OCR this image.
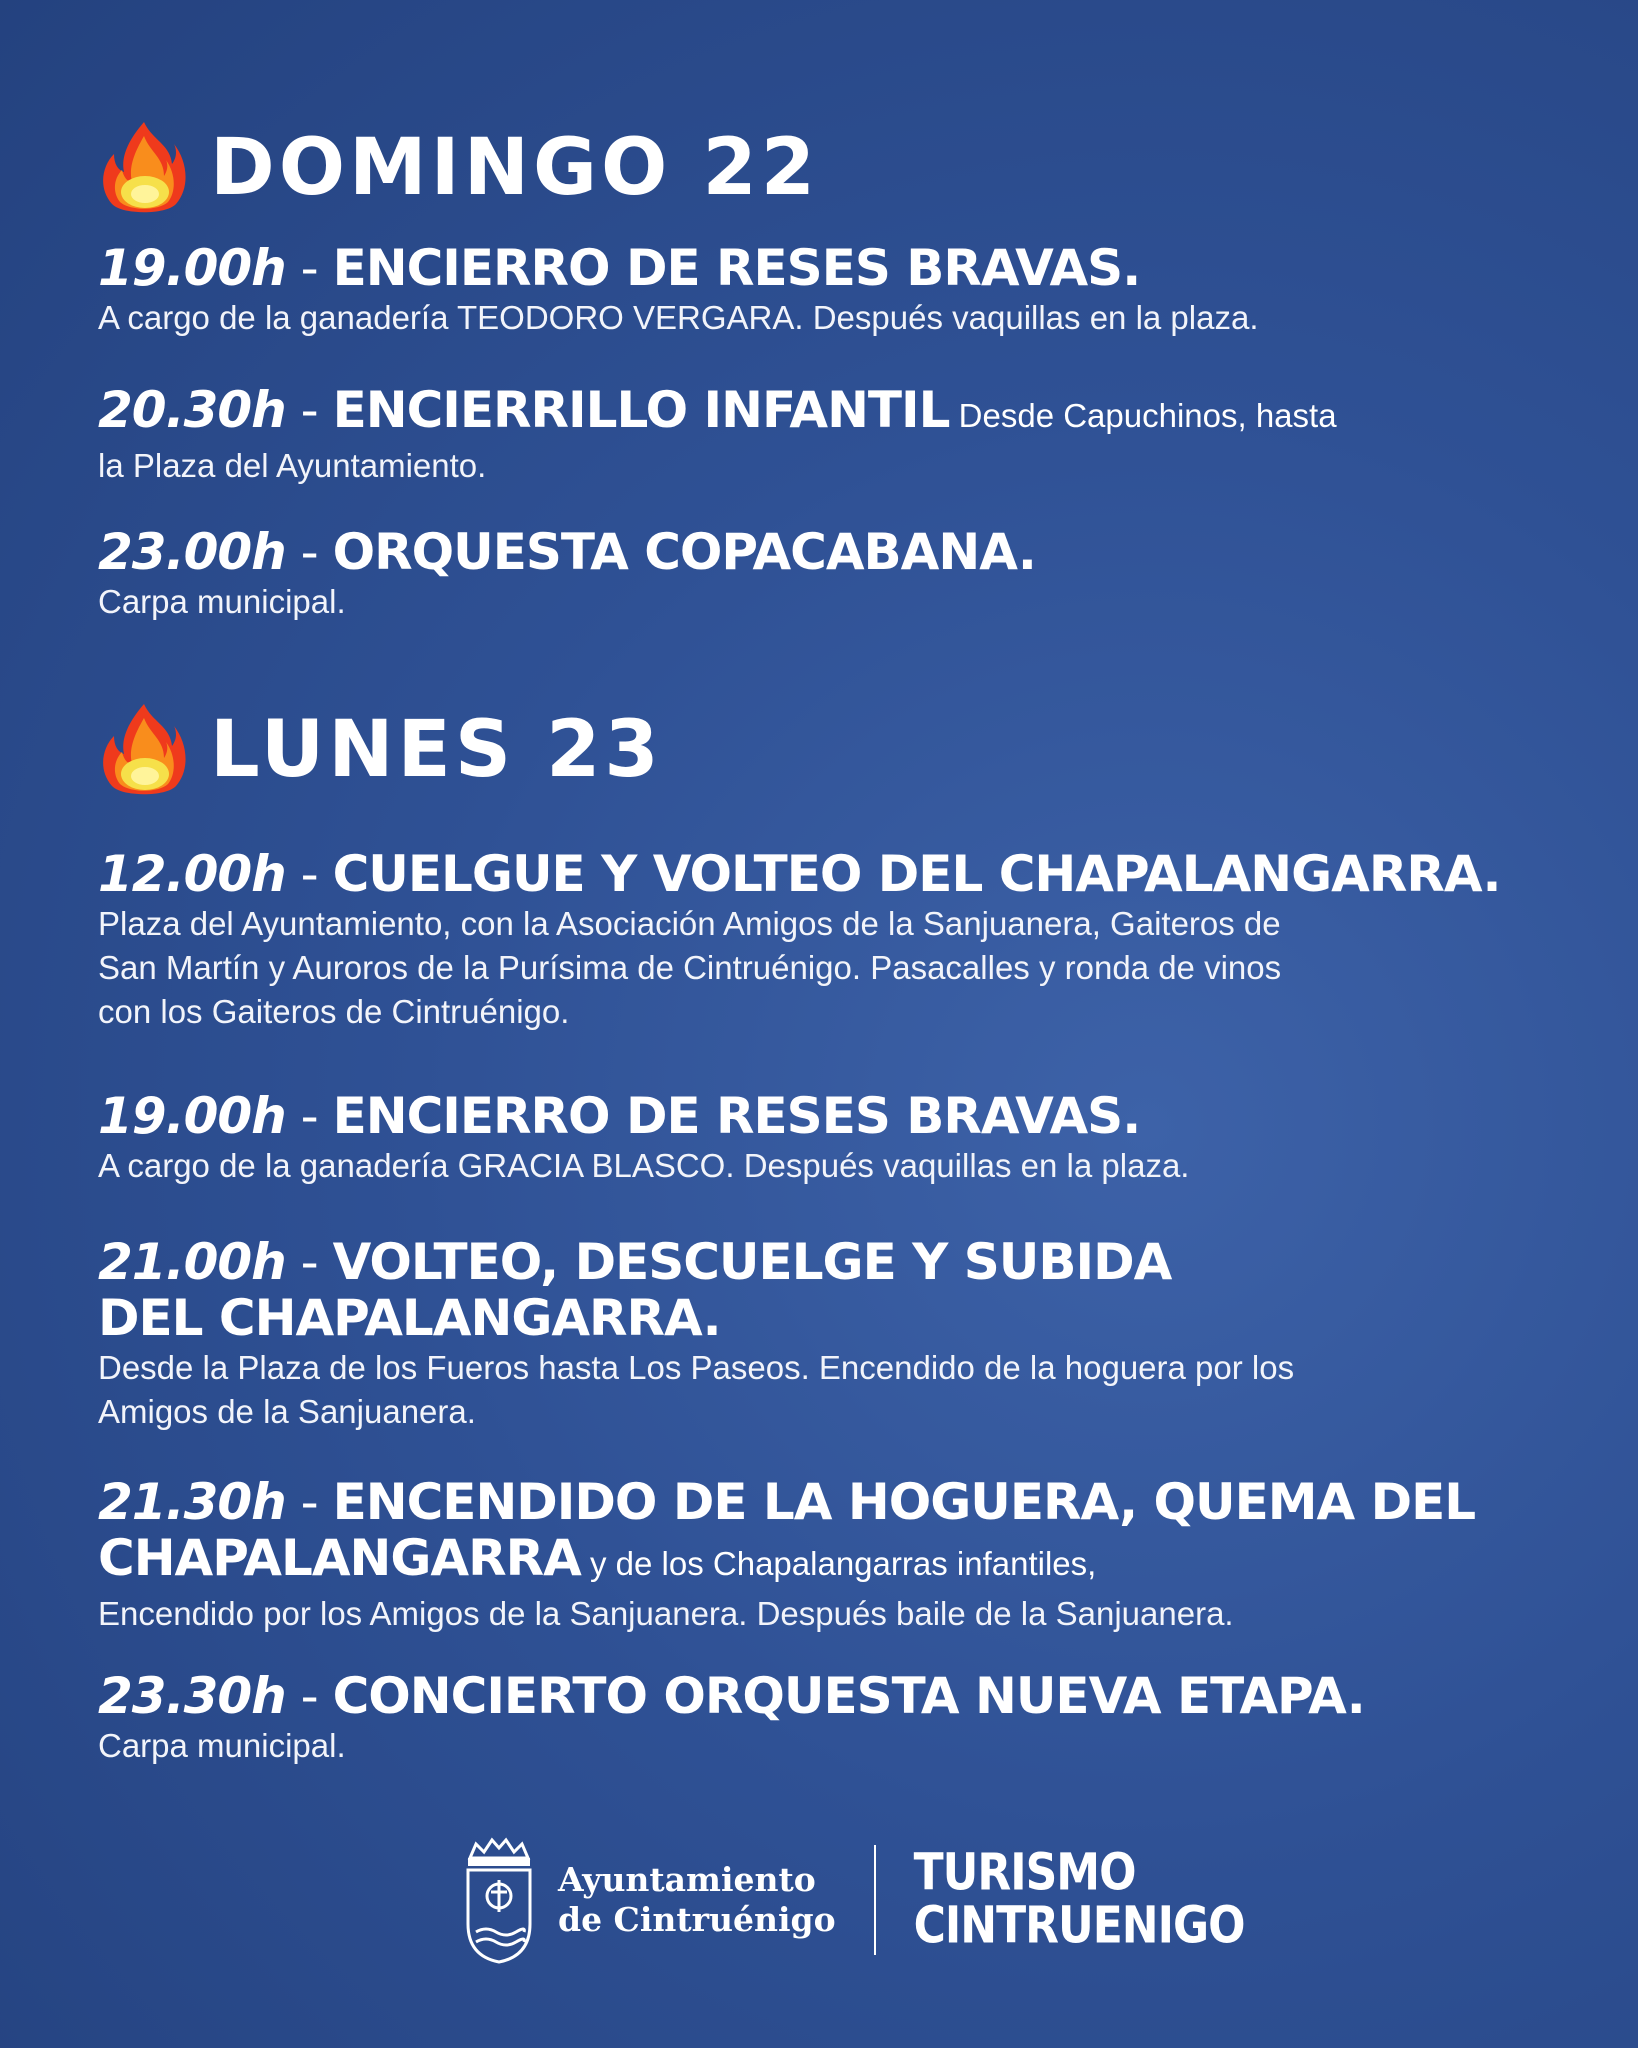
DOMINGO 22
19.00h - ENCIERRO DE RESES BRAVAS.
A cargo de la ganadería TEODORO VERGARA. Después vaquillas en la plaza.
20.30h - ENCIERRILLO INFANTIL Desde Capuchinos, hasta
la Plaza del Ayuntamiento.
23.00h - ORQUESTA COPACABANA.
Carpa municipal.
LUNES 23
12.00h - CUELGUE Y VOLTEO DEL CHAPALANGARRA.
Plaza del Ayuntamiento, con la Asociación Amigos de la Sanjuanera, Gaiteros de
San Martín y Auroros de la Purísima de Cintruénigo. Pasacalles y ronda de vinos
con los Gaiteros de Cintruénigo.
19.00h - ENCIERRO DE RESES BRAVAS.
A cargo de la ganadería GRACIA BLASCO. Después vaquillas en la plaza.
21.00h - VOLTEO, DESCUELGE Y SUBIDA
DEL CHAPALANGARRA.
Desde la Plaza de los Fueros hasta Los Paseos. Encendido de la hoguera por los
Amigos de la Sanjuanera.
21.30h - ENCENDIDO DE LA HOGUERA, QUEMA DEL
CHAPALANGARRA y de los Chapalangarras infantiles,
Encendido por los Amigos de la Sanjuanera. Después baile de la Sanjuanera.
23.30h - CONCIERTO ORQUESTA NUEVA ETAPA.
Carpa municipal.
Ayuntamiento
de Cintruénigo
TURISMO
CINTRUENIGO
